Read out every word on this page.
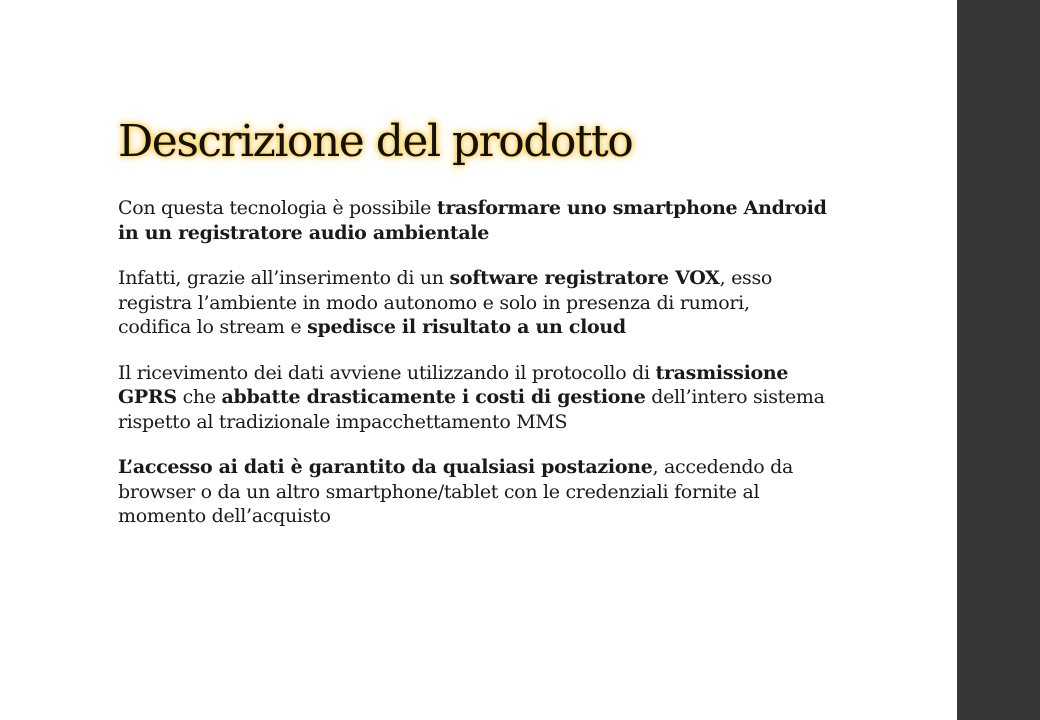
Descrizione del prodotto

Con questa tecnologia è possibile trasformare uno smartphone Android in un registratore audio ambientale

Infatti, grazie all’inserimento di un software registratore VOX, esso registra l’ambiente in modo autonomo e solo in presenza di rumori, codifica lo stream e spedisce il risultato a un cloud

Il ricevimento dei dati avviene utilizzando il protocollo di trasmissione GPRS che abbatte drasticamente i costi di gestione dell’intero sistema rispetto al tradizionale impacchettamento MMS

L’accesso ai dati è garantito da qualsiasi postazione, accedendo da browser o da un altro smartphone/tablet con le credenziali fornite al momento dell’acquisto
